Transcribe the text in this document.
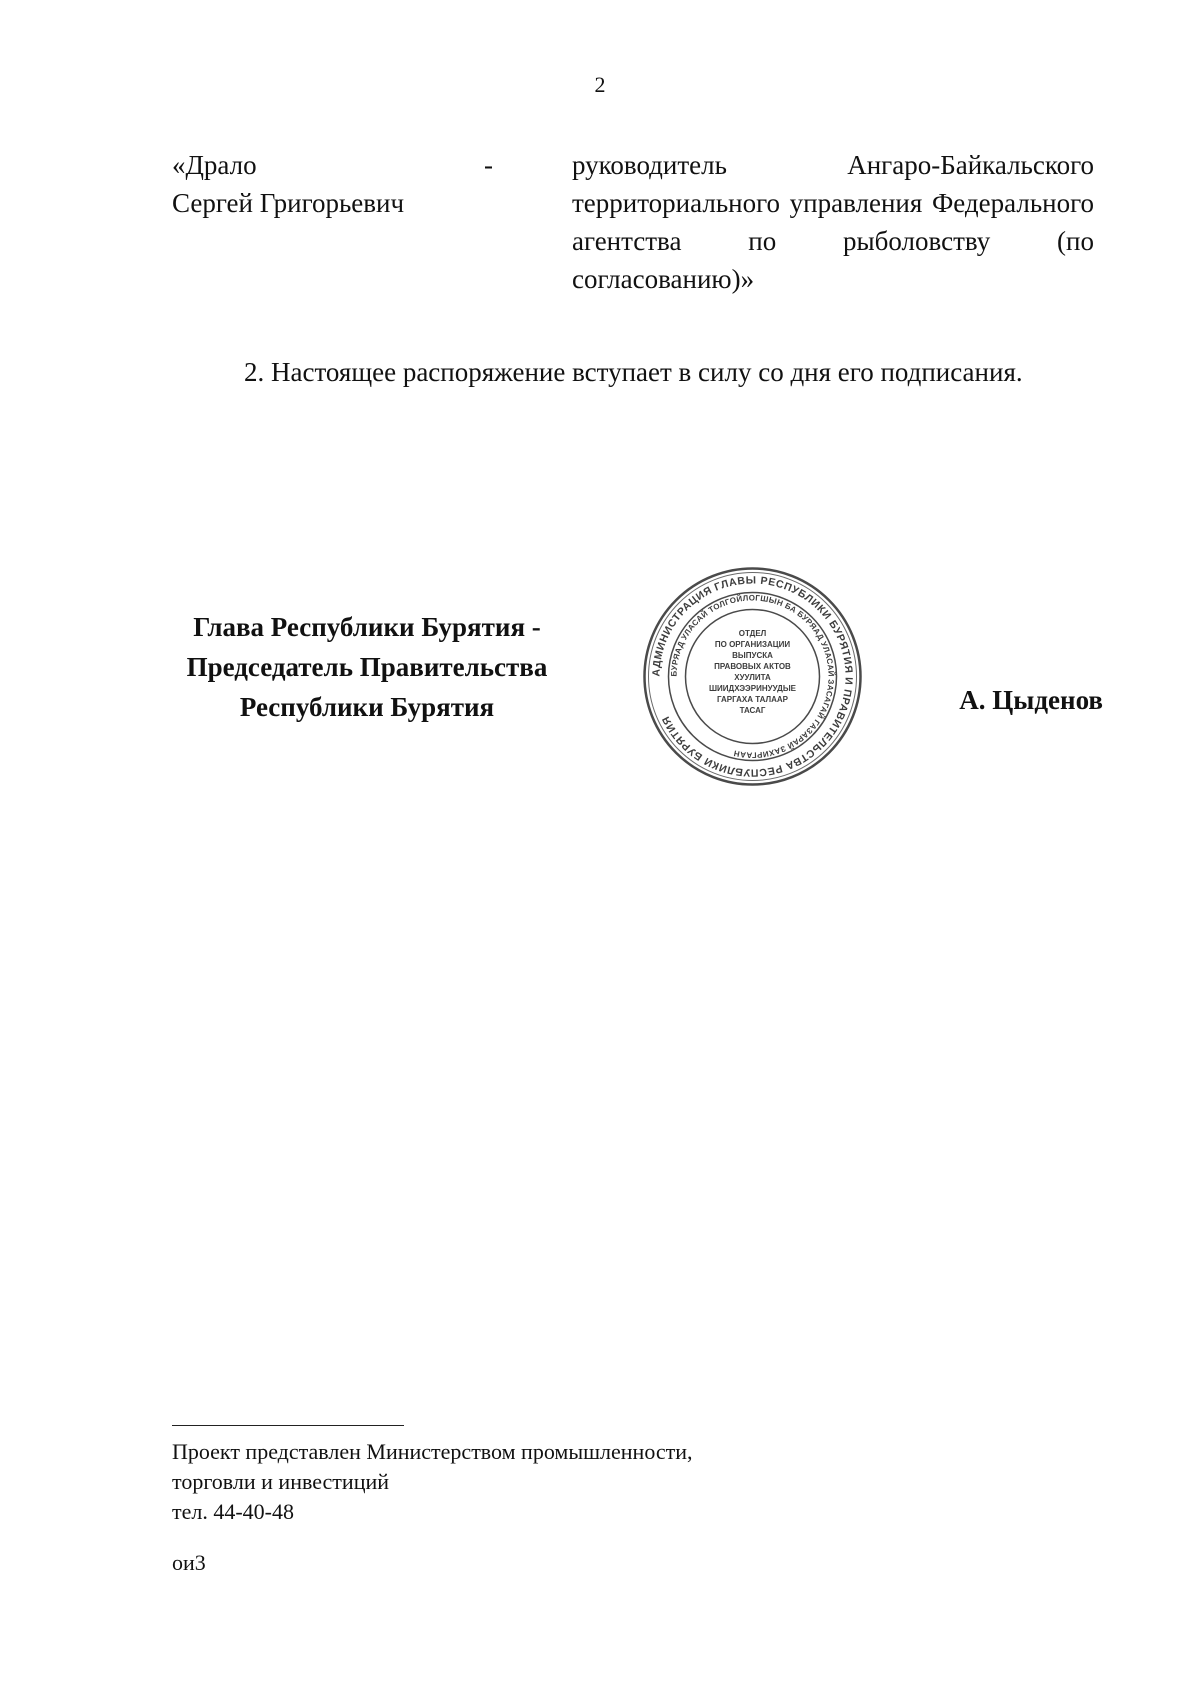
2
«Драло
Сергей Григорьевич
-	руководитель Ангаро-Байкальского территориального управления Федерального агентства по рыболовству (по согласованию)»
2. Настоящее распоряжение вступает в силу со дня его подписания.
Глава Республики Бурятия -
Председатель Правительства
Республики Бурятия
АДМИНИСТРАЦИЯ ГЛАВЫ РЕСПУБЛИКИ БУРЯТИЯ И ПРАВИТЕЛЬСТВА РЕСПУБЛИКИ БУРЯТИЯ
БУРЯАД УЛАСАЙ ТОЛГОЙЛОГШЫН БА БУРЯАД УЛАСАЙ ЗАСАГАЙ ГАЗАРАЙ ЗАХИРГААН
ОТДЕЛ
ПО ОРГАНИЗАЦИИ
ВЫПУСКА
ПРАВОВЫХ АКТОВ
ХУУЛИТА
ШИИДХЭЭРИНУУДЫЕ
ГАРГАХА ТАЛААР
ТАСАГ	А. Цыденов
Проект представлен Министерством промышленности,
торговли и инвестиций
тел. 44-40-48
ои3
